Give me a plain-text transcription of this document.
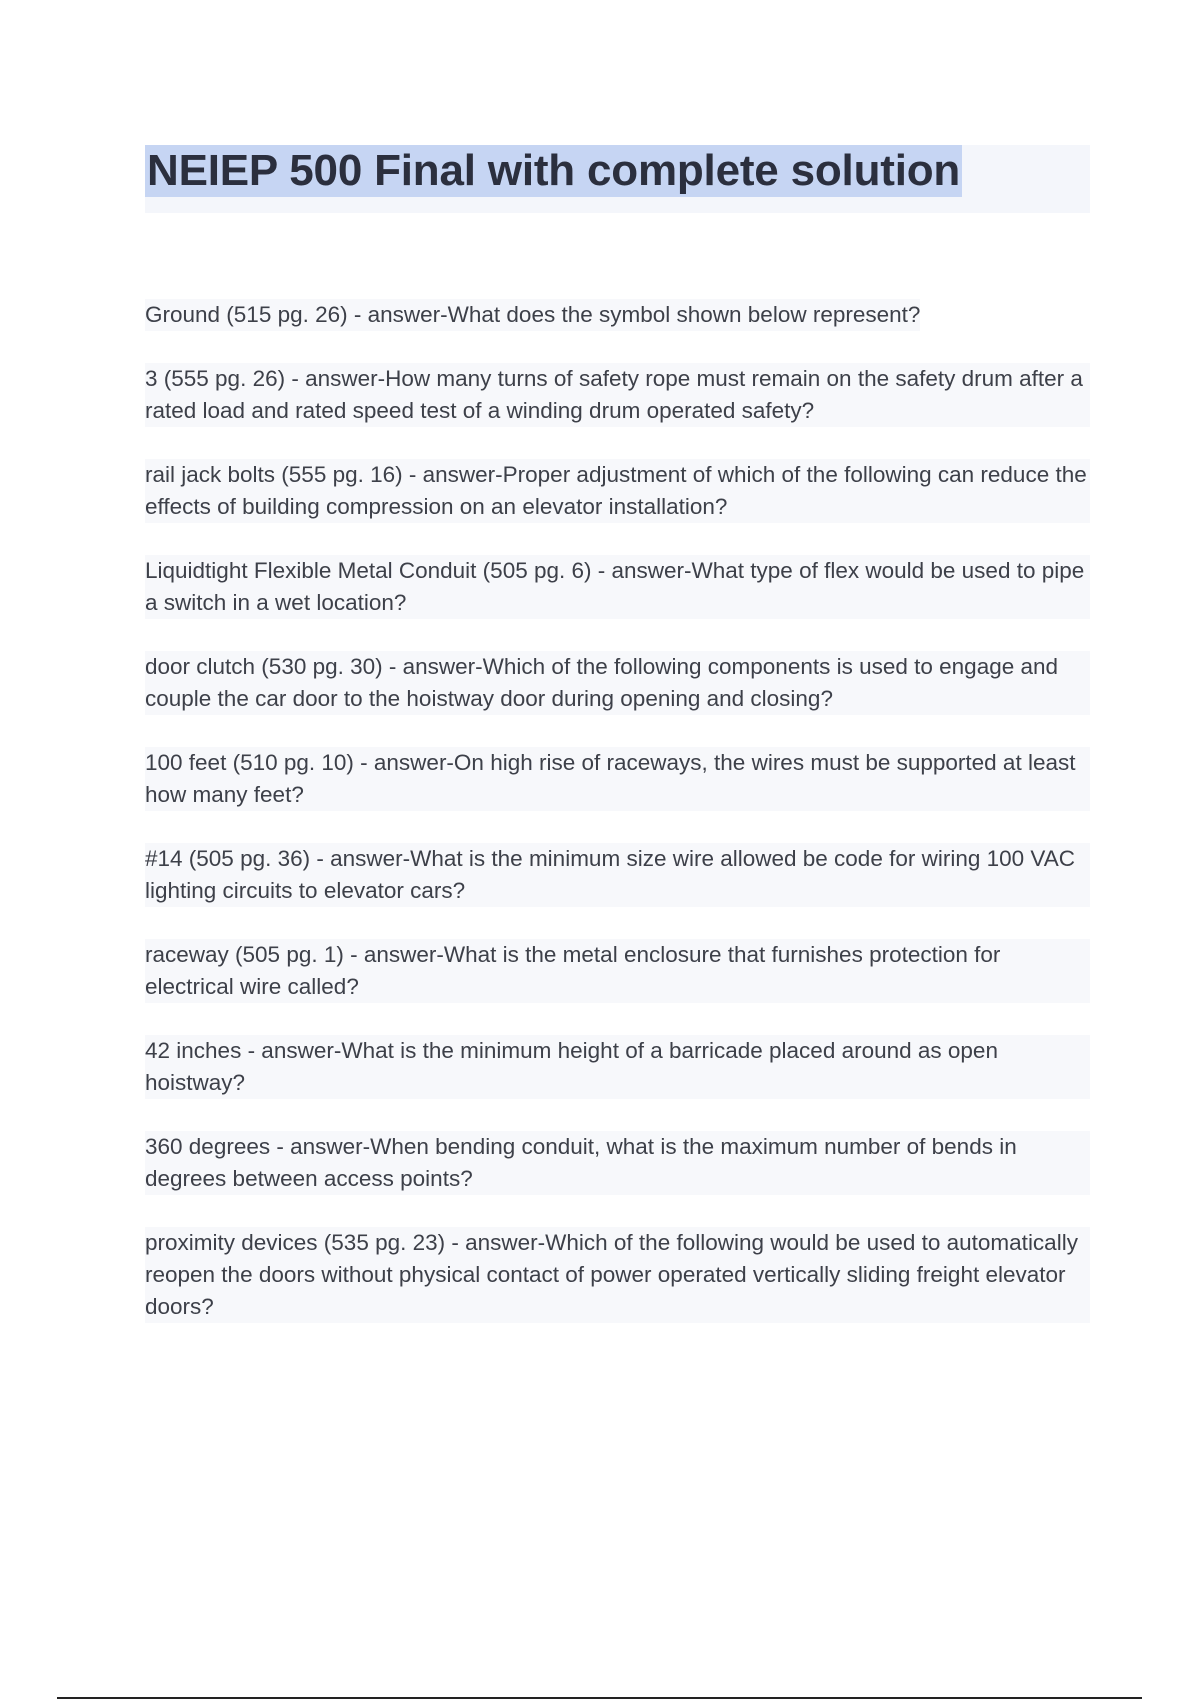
NEIEP 500 Final with complete solution

Ground (515 pg. 26) - answer-What does the symbol shown below represent?

3 (555 pg. 26) - answer-How many turns of safety rope must remain on the safety drum after a rated load and rated speed test of a winding drum operated safety?

rail jack bolts (555 pg. 16) - answer-Proper adjustment of which of the following can reduce the effects of building compression on an elevator installation?

Liquidtight Flexible Metal Conduit (505 pg. 6) - answer-What type of flex would be used to pipe a switch in a wet location?

door clutch (530 pg. 30) - answer-Which of the following components is used to engage and couple the car door to the hoistway door during opening and closing?

100 feet (510 pg. 10) - answer-On high rise of raceways, the wires must be supported at least how many feet?

#14 (505 pg. 36) - answer-What is the minimum size wire allowed be code for wiring 100 VAC lighting circuits to elevator cars?

raceway (505 pg. 1) - answer-What is the metal enclosure that furnishes protection for electrical wire called?

42 inches - answer-What is the minimum height of a barricade placed around as open hoistway?

360 degrees - answer-When bending conduit, what is the maximum number of bends in degrees between access points?

proximity devices (535 pg. 23) - answer-Which of the following would be used to automatically reopen the doors without physical contact of power operated vertically sliding freight elevator doors?
